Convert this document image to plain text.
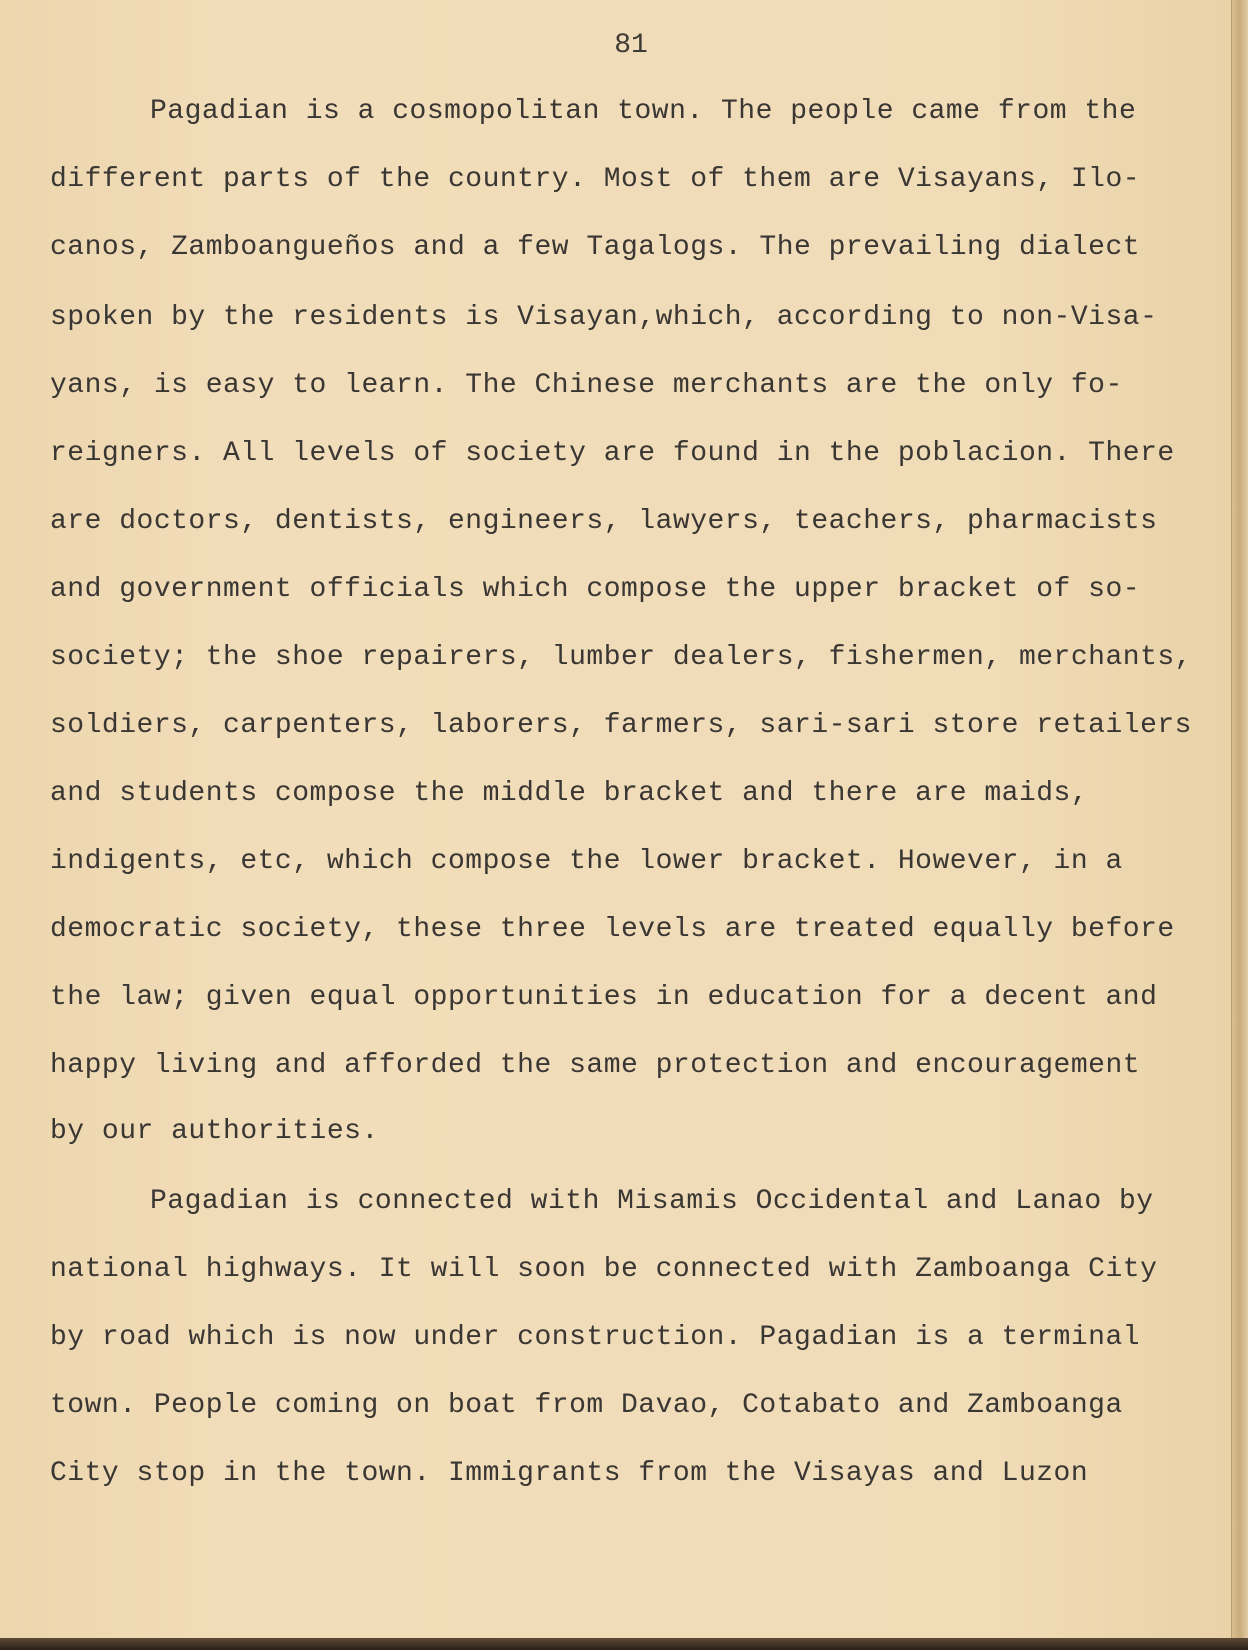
81
Pagadian is a cosmopolitan town. The people came from the
different parts of the country. Most of them are Visayans, Ilo-
canos, Zamboangueños and a few Tagalogs. The prevailing dialect
spoken by the residents is Visayan,which, according to non-Visa-
yans, is easy to learn. The Chinese merchants are the only fo-
reigners. All levels of society are found in the poblacion. There
are doctors, dentists, engineers, lawyers, teachers, pharmacists
and government officials which compose the upper bracket of so-
society; the shoe repairers, lumber dealers, fishermen, merchants,
soldiers, carpenters, laborers, farmers, sari-sari store retailers
and students compose the middle bracket and there are maids,
indigents, etc, which compose the lower bracket. However, in a
democratic society, these three levels are treated equally before
the law; given equal opportunities in education for a decent and
happy living and afforded the same protection and encouragement
by our authorities.
Pagadian is connected with Misamis Occidental and Lanao by
national highways. It will soon be connected with Zamboanga City
by road which is now under construction. Pagadian is a terminal
town. People coming on boat from Davao, Cotabato and Zamboanga
City stop in the town. Immigrants from the Visayas and Luzon
